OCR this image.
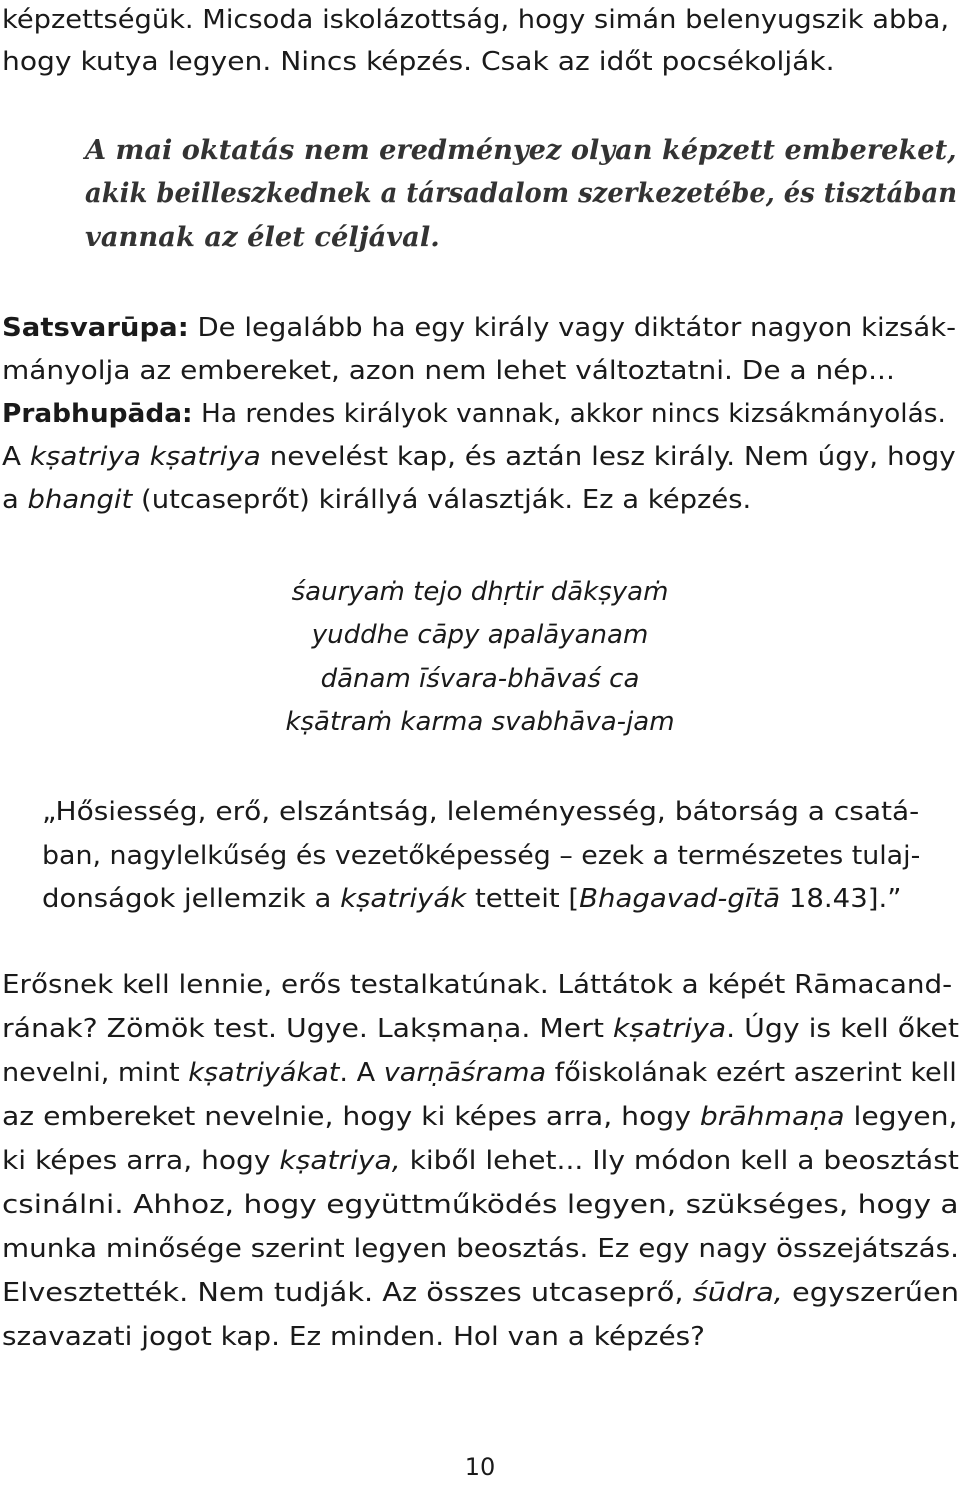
képzettségük. Micsoda iskolázottság, hogy simán belenyugszik abba,
hogy kutya legyen. Nincs képzés. Csak az időt pocsékolják.
A mai oktatás nem eredményez olyan képzett embereket,
akik beilleszkednek a társadalom szerkezetébe, és tisztában
vannak az élet céljával.
Satsvarūpa: De legalább ha egy király vagy diktátor nagyon kizsák-
mányolja az embereket, azon nem lehet változtatni. De a nép...
Prabhupāda: Ha rendes királyok vannak, akkor nincs kizsákmányolás.
A kṣatriya kṣatriya nevelést kap, és aztán lesz király. Nem úgy, hogy
a bhangit (utcaseprőt) királlyá választják. Ez a képzés.
śauryaṁ tejo dhṛtir dākṣyaṁ
yuddhe cāpy apalāyanam
dānam īśvara-bhāvaś ca
kṣātraṁ karma svabhāva-jam
„Hősiesség, erő, elszántság, leleményesség, bátorság a csatá-
ban, nagylelkűség és vezetőképesség – ezek a természetes tulaj-
donságok jellemzik a kṣatriyák tetteit [Bhagavad-gītā 18.43].”
Erősnek kell lennie, erős testalkatúnak. Láttátok a képét Rāmacand-
rának? Zömök test. Ugye. Lakṣmaṇa. Mert kṣatriya. Úgy is kell őket
nevelni, mint kṣatriyákat. A varṇāśrama főiskolának ezért aszerint kell
az embereket nevelnie, hogy ki képes arra, hogy brāhmaṇa legyen,
ki képes arra, hogy kṣatriya, kiből lehet... Ily módon kell a beosztást
csinálni. Ahhoz, hogy együttműködés legyen, szükséges, hogy a
munka minősége szerint legyen beosztás. Ez egy nagy összejátszás.
Elvesztették. Nem tudják. Az összes utcaseprő, śūdra, egyszerűen
szavazati jogot kap. Ez minden. Hol van a képzés?
10
